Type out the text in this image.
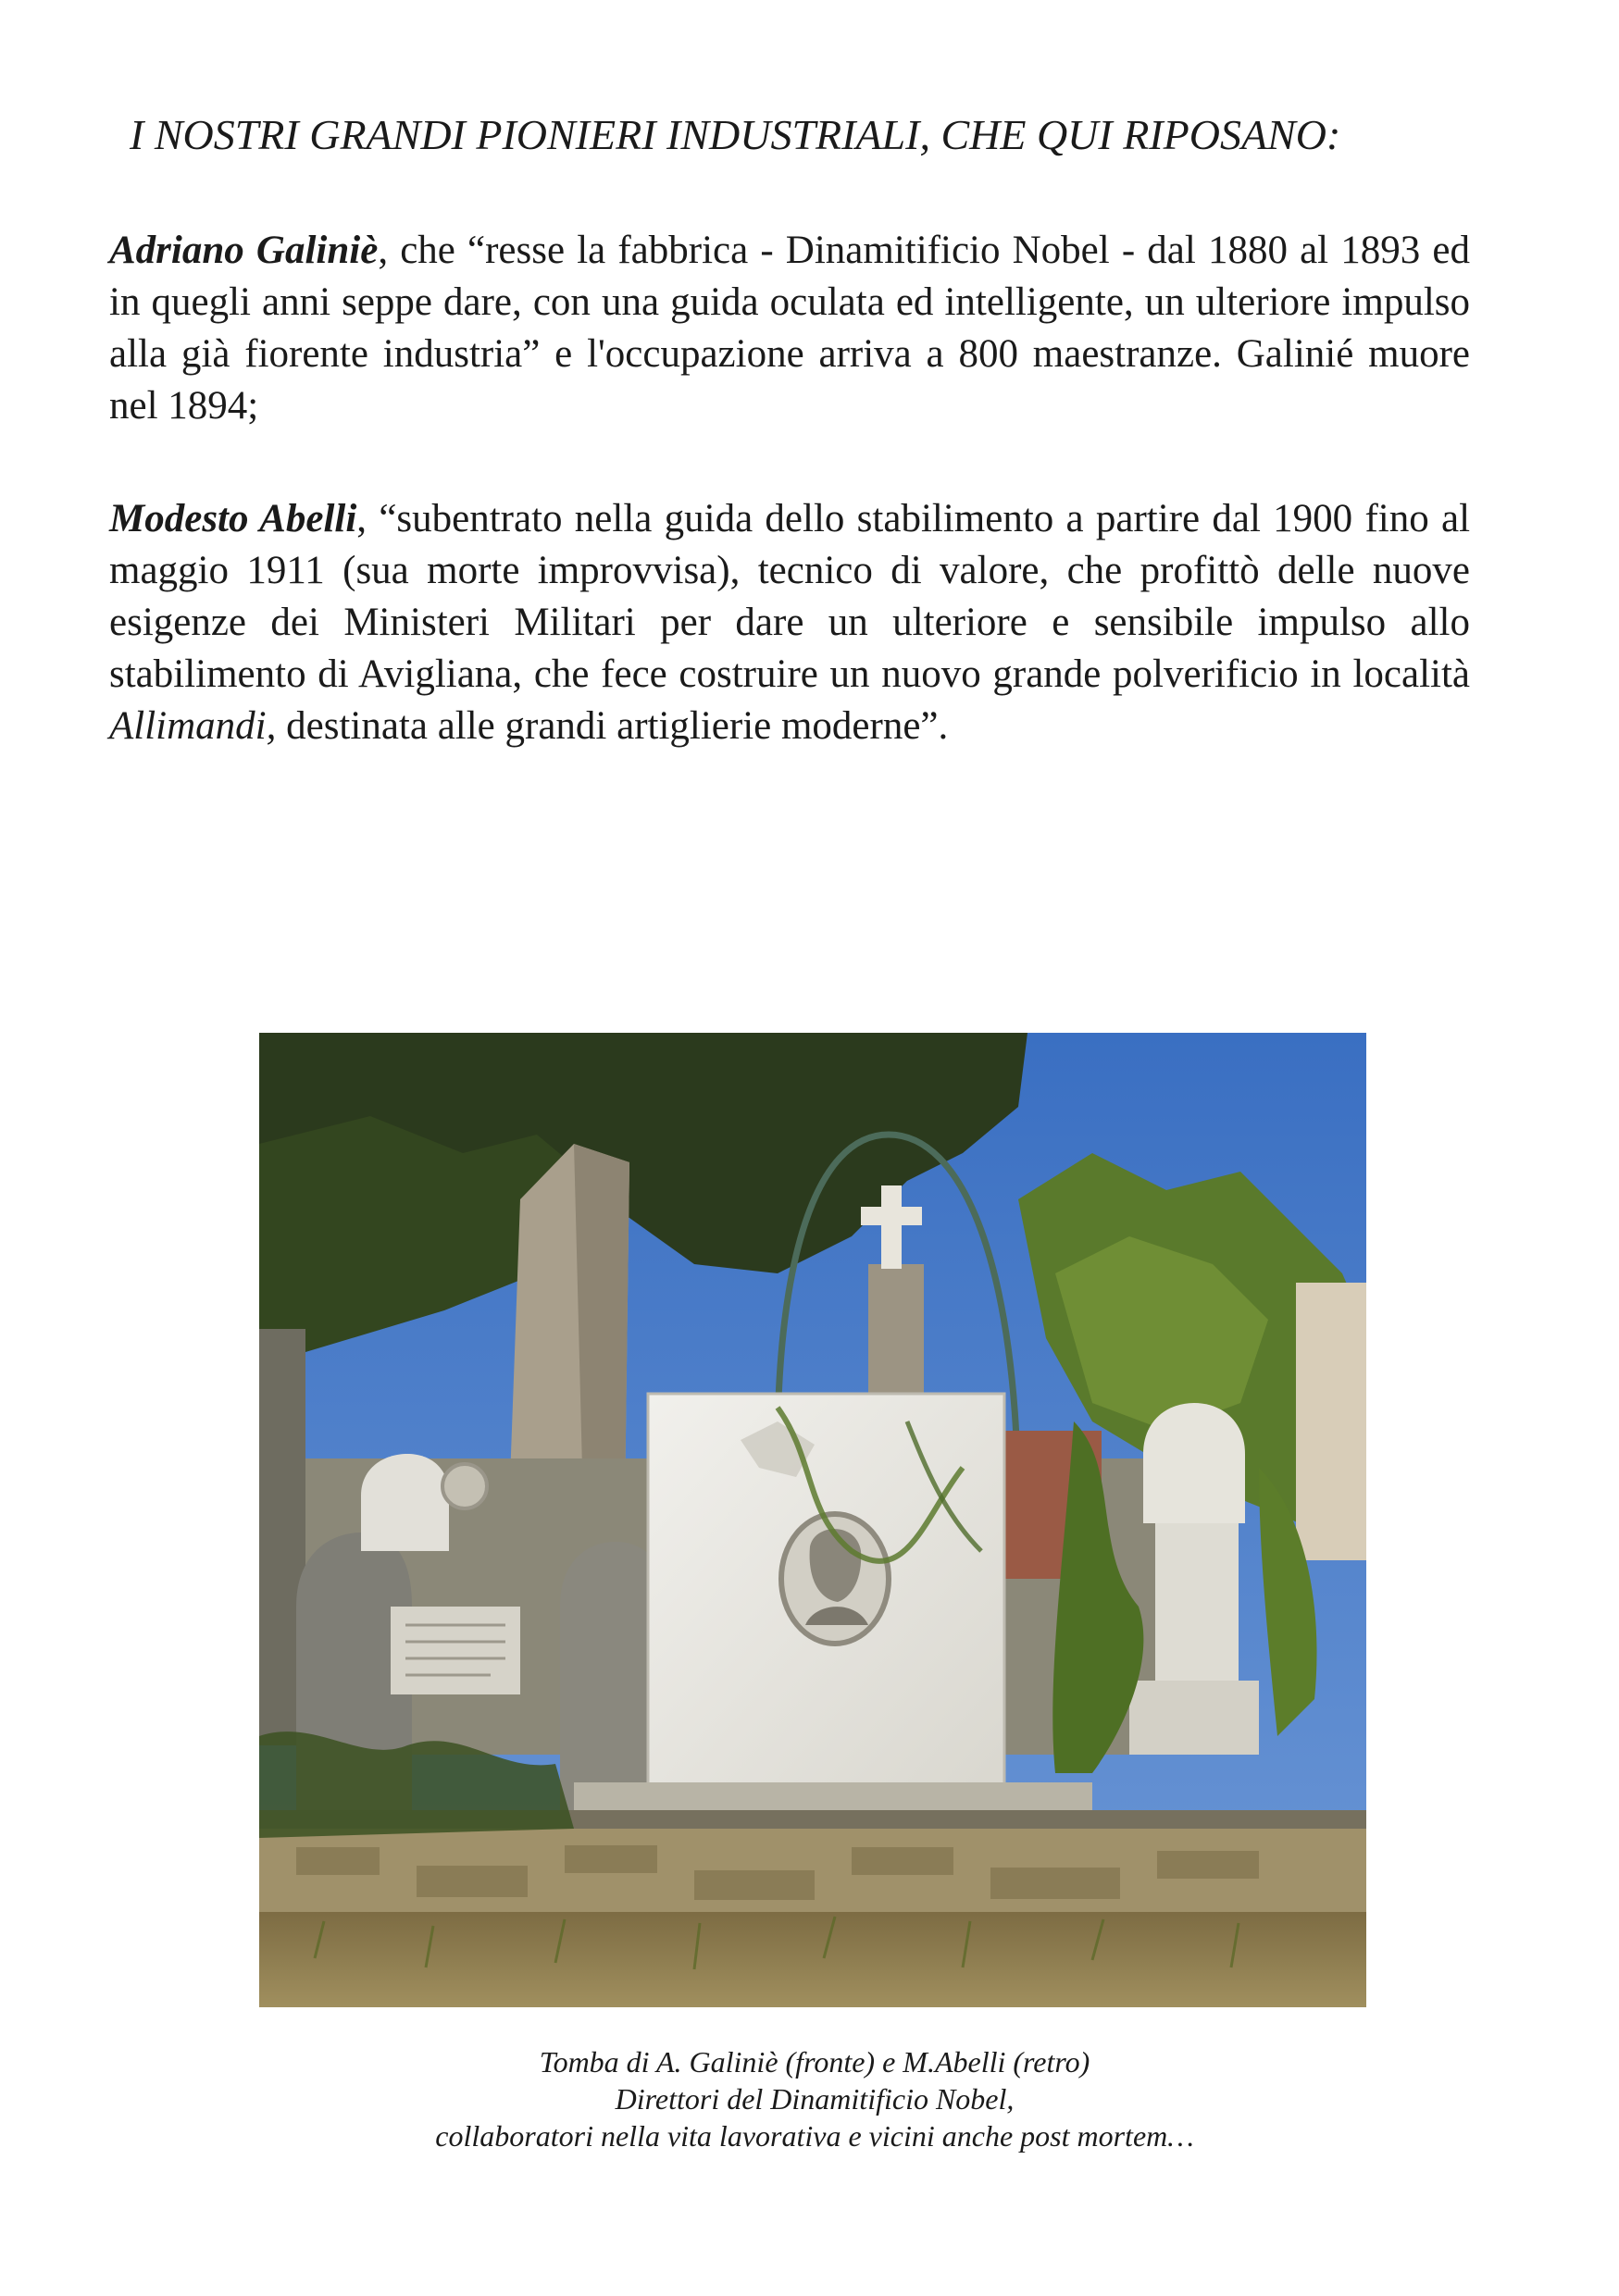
I NOSTRI GRANDI PIONIERI INDUSTRIALI, CHE QUI RIPOSANO:
Adriano Galiniè, che “resse la fabbrica - Dinamitificio Nobel - dal 1880 al 1893 ed in quegli anni seppe dare, con una guida oculata ed intelligente, un ulteriore impulso alla già fiorente industria” e l'occupazione arriva a 800 maestranze. Galinié muore nel 1894;
Modesto Abelli, “subentrato nella guida dello stabilimento a partire dal 1900 fino al maggio 1911 (sua morte improvvisa), tecnico di valore, che profittò delle nuove esigenze dei Ministeri Militari per dare un ulteriore e sensibile impulso allo stabilimento di Avigliana, che fece costruire un nuovo grande polverificio in località Allimandi, destinata alle grandi artiglierie moderne”.
Tomba di A. Galiniè (fronte) e M.Abelli (retro)
Direttori del Dinamitificio Nobel,
collaboratori nella vita lavorativa e vicini anche post mortem…
